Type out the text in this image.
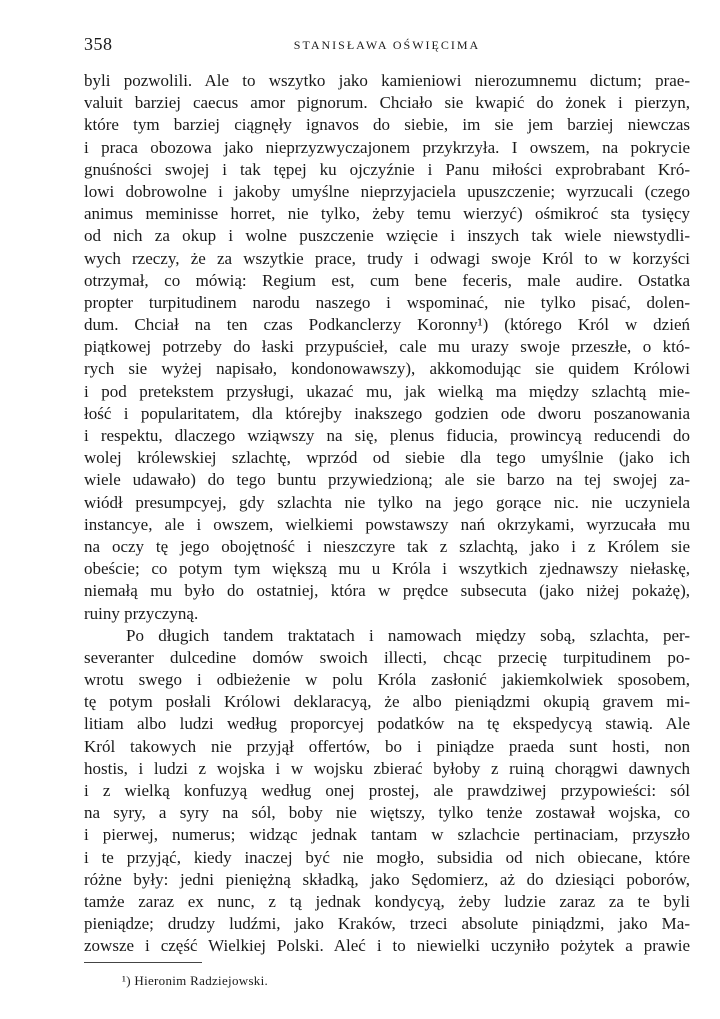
358	STANISŁAWA OŚWIĘCIMA
byli pozwolili. Ale to wszytko jako kamieniowi nierozumnemu dictum; prae-
valuit barziej caecus amor pignorum. Chciało sie kwapić do żonek i pierzyn,
które tym barziej ciągnęły ignavos do siebie, im sie jem barziej niewczas
i praca obozowa jako nieprzyzwyczajonem przykrzyła. I owszem, na pokrycie
gnuśności swojej i tak tępej ku ojczyźnie i Panu miłości exprobrabant Kró-
lowi dobrowolne i jakoby umyślne nieprzyjaciela upuszczenie; wyrzucali (czego
animus meminisse horret, nie tylko, żeby temu wierzyć) ośmikroć sta tysięcy
od nich za okup i wolne puszczenie wzięcie i inszych tak wiele niewstydli-
wych rzeczy, że za wszytkie prace, trudy i odwagi swoje Król to w korzyści
otrzymał, co mówią: Regium est, cum bene feceris, male audire. Ostatka
propter turpitudinem narodu naszego i wspominać, nie tylko pisać, dolen-
dum. Chciał na ten czas Podkanclerzy Koronny¹) (którego Król w dzień
piątkowej potrzeby do łaski przypuścieł, cale mu urazy swoje przeszłe, o któ-
rych sie wyżej napisało, kondonowawszy), akkomodując sie quidem Królowi
i pod pretekstem przysługi, ukazać mu, jak wielką ma między szlachtą mie-
łość i popularitatem, dla którejby inakszego godzien ode dworu poszanowania
i respektu, dlaczego wziąwszy na się, plenus fiducia, prowincyą reducendi do
wolej królewskiej szlachtę, wprzód od siebie dla tego umyślnie (jako ich
wiele udawało) do tego buntu przywiedzioną; ale sie barzo na tej swojej za-
wiódł presumpcyej, gdy szlachta nie tylko na jego gorące nic. nie uczyniela
instancye, ale i owszem, wielkiemi powstawszy nań okrzykami, wyrzucała mu
na oczy tę jego obojętność i nieszczyre tak z szlachtą, jako i z Królem sie
obeście; co potym tym większą mu u Króla i wszytkich zjednawszy niełaskę,
niemałą mu było do ostatniej, która w prędce subsecuta (jako niżej pokażę),
ruiny przyczyną.
Po długich tandem traktatach i namowach między sobą, szlachta, per-
severanter dulcedine domów swoich illecti, chcąc przecię turpitudinem po-
wrotu swego i odbieżenie w polu Króla zasłonić jakiemkolwiek sposobem,
tę potym posłali Królowi deklaracyą, że albo pieniądzmi okupią gravem mi-
litiam albo ludzi według proporcyej podatków na tę ekspedycyą stawią. Ale
Król takowych nie przyjął offertów, bo i piniądze praeda sunt hosti, non
hostis, i ludzi z wojska i w wojsku zbierać byłoby z ruiną chorągwi dawnych
i z wielką konfuzyą według onej prostej, ale prawdziwej przypowieści: sól
na syry, a syry na sól, boby nie więtszy, tylko tenże zostawał wojska, co
i pierwej, numerus; widząc jednak tantam w szlachcie pertinaciam, przyszło
i te przyjąć, kiedy inaczej być nie mogło, subsidia od nich obiecane, które
różne były: jedni pieniężną składką, jako Sędomierz, aż do dziesiąci poborów,
tamże zaraz ex nunc, z tą jednak kondycyą, żeby ludzie zaraz za te byli
pieniądze; drudzy ludźmi, jako Kraków, trzeci absolute piniądzmi, jako Ma-
zowsze i część Wielkiej Polski. Aleć i to niewielki uczyniło pożytek a prawie
¹) Hieronim Radziejowski.
